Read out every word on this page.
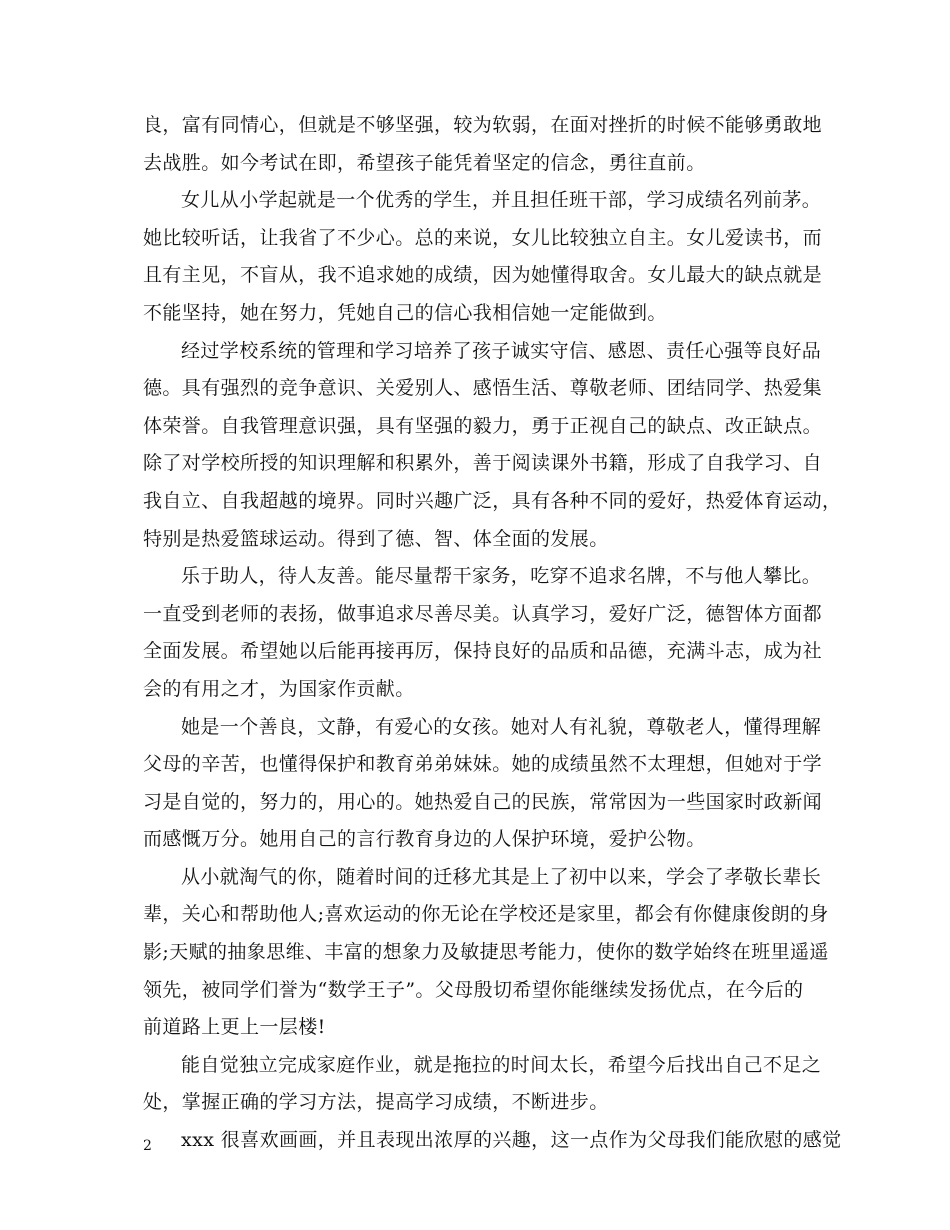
良，富有同情心，但就是不够坚强，较为软弱，在面对挫折的时候不能够勇敢地
去战胜。如今考试在即，希望孩子能凭着坚定的信念，勇往直前。
女儿从小学起就是一个优秀的学生，并且担任班干部，学习成绩名列前茅。
她比较听话，让我省了不少心。总的来说，女儿比较独立自主。女儿爱读书，而
且有主见，不盲从，我不追求她的成绩，因为她懂得取舍。女儿最大的缺点就是
不能坚持，她在努力，凭她自己的信心我相信她一定能做到。
经过学校系统的管理和学习培养了孩子诚实守信、感恩、责任心强等良好品
德。具有强烈的竞争意识、关爱别人、感悟生活、尊敬老师、团结同学、热爱集
体荣誉。自我管理意识强，具有坚强的毅力，勇于正视自己的缺点、改正缺点。
除了对学校所授的知识理解和积累外，善于阅读课外书籍，形成了自我学习、自
我自立、自我超越的境界。同时兴趣广泛，具有各种不同的爱好，热爱体育运动，
特别是热爱篮球运动。得到了德、智、体全面的发展。
乐于助人，待人友善。能尽量帮干家务，吃穿不追求名牌，不与他人攀比。
一直受到老师的表扬，做事追求尽善尽美。认真学习，爱好广泛，德智体方面都
全面发展。希望她以后能再接再厉，保持良好的品质和品德，充满斗志，成为社
会的有用之才，为国家作贡献。
她是一个善良，文静，有爱心的女孩。她对人有礼貌，尊敬老人，懂得理解
父母的辛苦，也懂得保护和教育弟弟妹妹。她的成绩虽然不太理想，但她对于学
习是自觉的，努力的，用心的。她热爱自己的民族，常常因为一些国家时政新闻
而感慨万分。她用自己的言行教育身边的人保护环境，爱护公物。
从小就淘气的你，随着时间的迁移尤其是上了初中以来，学会了孝敬长辈长
辈，关心和帮助他人;喜欢运动的你无论在学校还是家里，都会有你健康俊朗的身
影;天赋的抽象思维、丰富的想象力及敏捷思考能力，使你的数学始终在班里遥遥
领先，被同学们誉为“数学王子”。父母殷切希望你能继续发扬优点，在今后的
前道路上更上一层楼!
能自觉独立完成家庭作业，就是拖拉的时间太长，希望今后找出自己不足之
处，掌握正确的学习方法，提高学习成绩，不断进步。
xxx 很喜欢画画，并且表现出浓厚的兴趣，这一点作为父母我们能欣慰的感觉
2
